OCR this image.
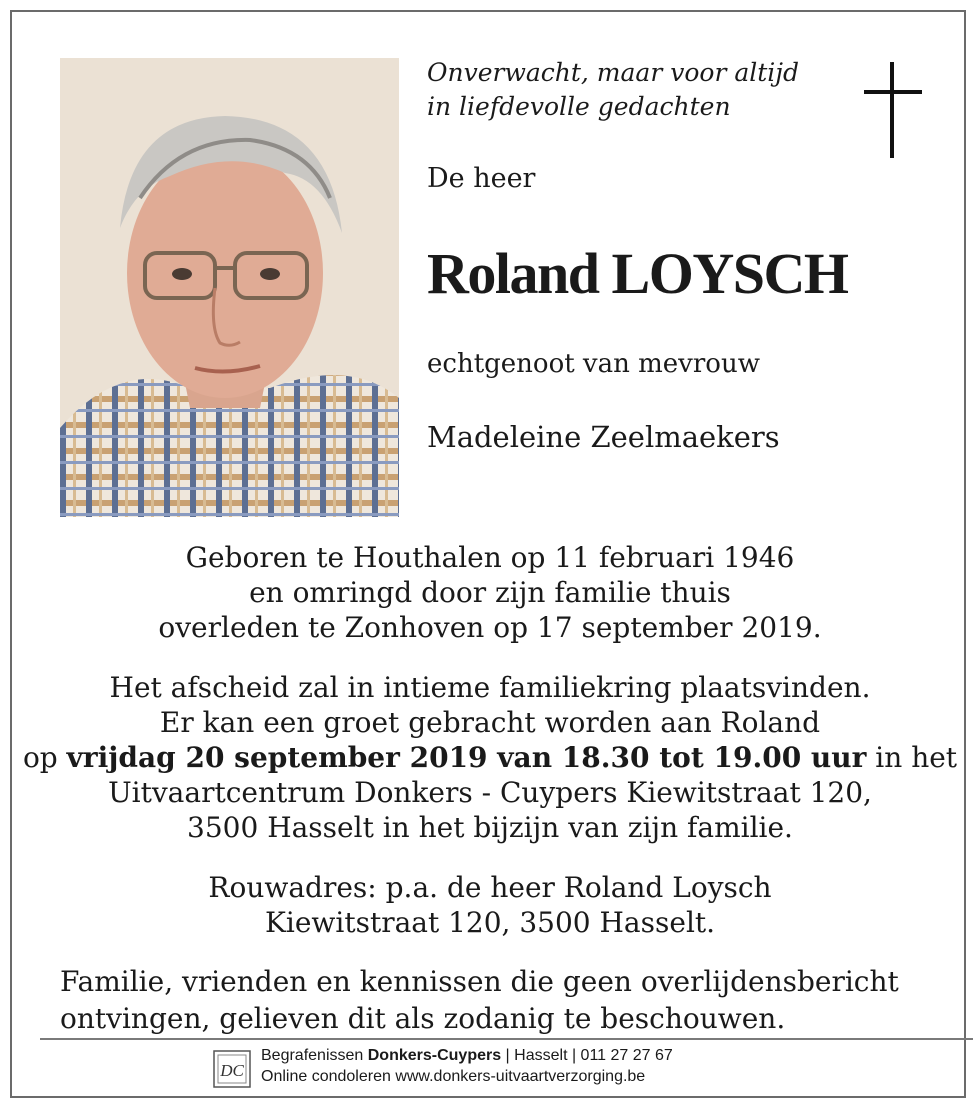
Onverwacht, maar voor altijd
in liefdevolle gedachten
De heer
Roland LOYSCH
echtgenoot van mevrouw
Madeleine Zeelmaekers

Geboren te Houthalen op 11 februari 1946

en omringd door zijn familie thuis

overleden te Zonhoven op 17 september 2019.

Het afscheid zal in intieme familiekring plaatsvinden.

Er kan een groet gebracht worden aan Roland

op vrijdag 20 september 2019 van 18.30 tot 19.00 uur in het

Uitvaartcentrum Donkers - Cuypers Kiewitstraat 120,

3500 Hasselt in het bijzijn van zijn familie.

Rouwadres: p.a. de heer Roland Loysch

Kiewitstraat 120, 3500 Hasselt.

Familie, vrienden en kennissen die geen overlijdensbericht

ontvingen, gelieven dit als zodanig te beschouwen.

DC

Begrafenissen Donkers-Cuypers | Hasselt | 011 27 27 67

Online condoleren www.donkers-uitvaartverzorging.be
